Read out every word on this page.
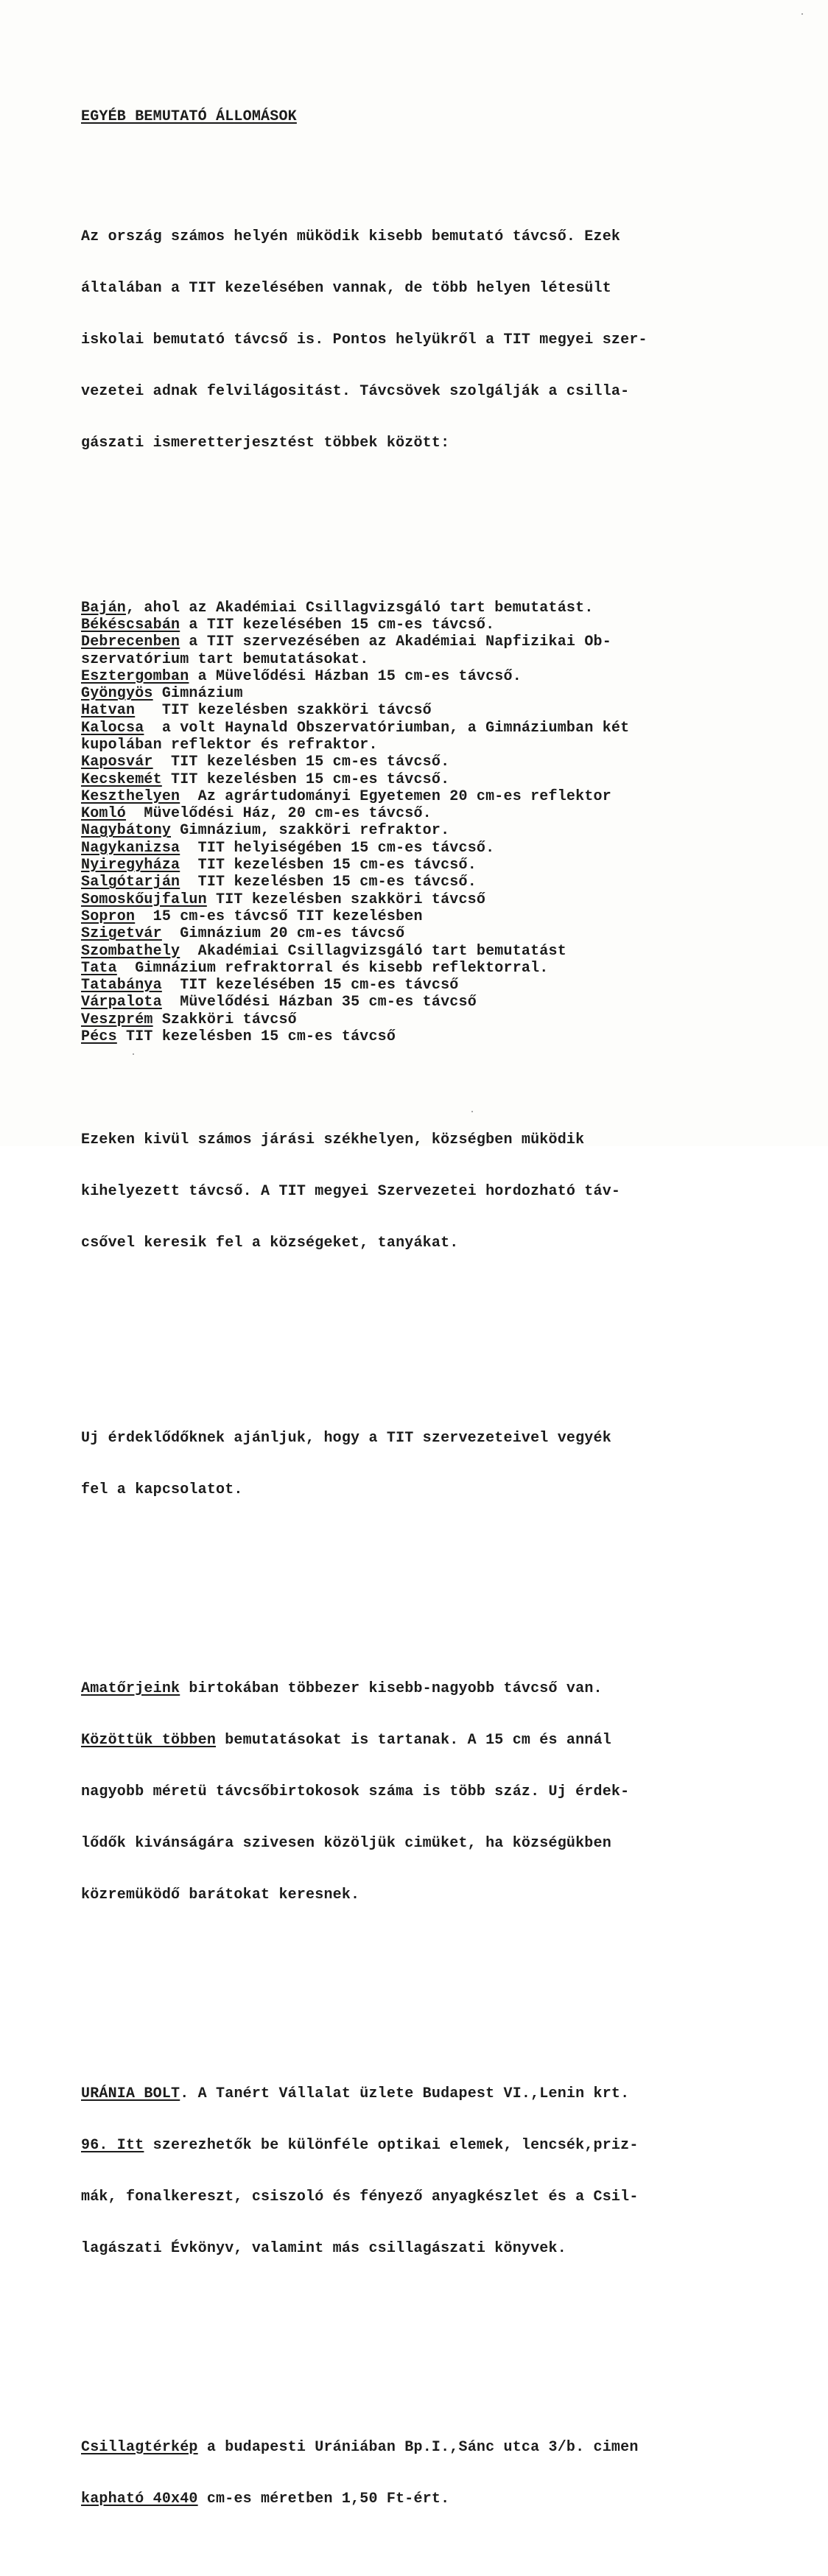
EGYÉB BEMUTATÓ ÁLLOMÁSOK

Az ország számos helyén müködik kisebb bemutató távcső. Ezek

általában a TIT kezelésében vannak, de több helyen létesült

iskolai bemutató távcső is. Pontos helyükről a TIT megyei szer-

vezetei adnak felvilágositást. Távcsövek szolgálják a csilla-

gászati ismeretterjesztést többek között:

Baján, ahol az Akadémiai Csillagvizsgáló tart bemutatást.
Békéscsabán a TIT kezelésében 15 cm-es távcső.
Debrecenben a TIT szervezésében az Akadémiai Napfizikai Ob-
szervatórium tart bemutatásokat.
Esztergomban a Müvelődési Házban 15 cm-es távcső.
Gyöngyös Gimnázium
Hatvan   TIT kezelésben szakköri távcső
Kalocsa  a volt Haynald Obszervatóriumban, a Gimnáziumban két
kupolában reflektor és refraktor.
Kaposvár  TIT kezelésben 15 cm-es távcső.
Kecskemét TIT kezelésben 15 cm-es távcső.
Keszthelyen  Az agrártudományi Egyetemen 20 cm-es reflektor
Komló  Müvelődési Ház, 20 cm-es távcső.
Nagybátony Gimnázium, szakköri refraktor.
Nagykanizsa  TIT helyiségében 15 cm-es távcső.
Nyiregyháza  TIT kezelésben 15 cm-es távcső.
Salgótarján  TIT kezelésben 15 cm-es távcső.
Somoskőujfalun TIT kezelésben szakköri távcső
Sopron  15 cm-es távcső TIT kezelésben
Szigetvár  Gimnázium 20 cm-es távcső
Szombathely  Akadémiai Csillagvizsgáló tart bemutatást
Tata  Gimnázium refraktorral és kisebb reflektorral.
Tatabánya  TIT kezelésében 15 cm-es távcső
Várpalota  Müvelődési Házban 35 cm-es távcső
Veszprém Szakköri távcső
Pécs TIT kezelésben 15 cm-es távcső

Ezeken kivül számos járási székhelyen, községben müködik

kihelyezett távcső. A TIT megyei Szervezetei hordozható táv-

csővel keresik fel a községeket, tanyákat.

Uj érdeklődőknek ajánljuk, hogy a TIT szervezeteivel vegyék

fel a kapcsolatot.

Amatőrjeink birtokában többezer kisebb-nagyobb távcső van.

Közöttük többen bemutatásokat is tartanak. A 15 cm és annál

nagyobb méretü távcsőbirtokosok száma is több száz. Uj érdek-

lődők kivánságára szivesen közöljük cimüket, ha községükben

közremüködő barátokat keresnek.

URÁNIA BOLT. A Tanért Vállalat üzlete Budapest VI.,Lenin krt.

96. Itt szerezhetők be különféle optikai elemek, lencsék,priz-

mák, fonalkereszt, csiszoló és fényező anyagkészlet és a Csil-

lagászati Évkönyv, valamint más csillagászati könyvek.

Csillagtérkép a budapesti Urániában Bp.I.,Sánc utca 3/b. cimen

kapható 40x40 cm-es méretben 1,50 Ft-ért.
